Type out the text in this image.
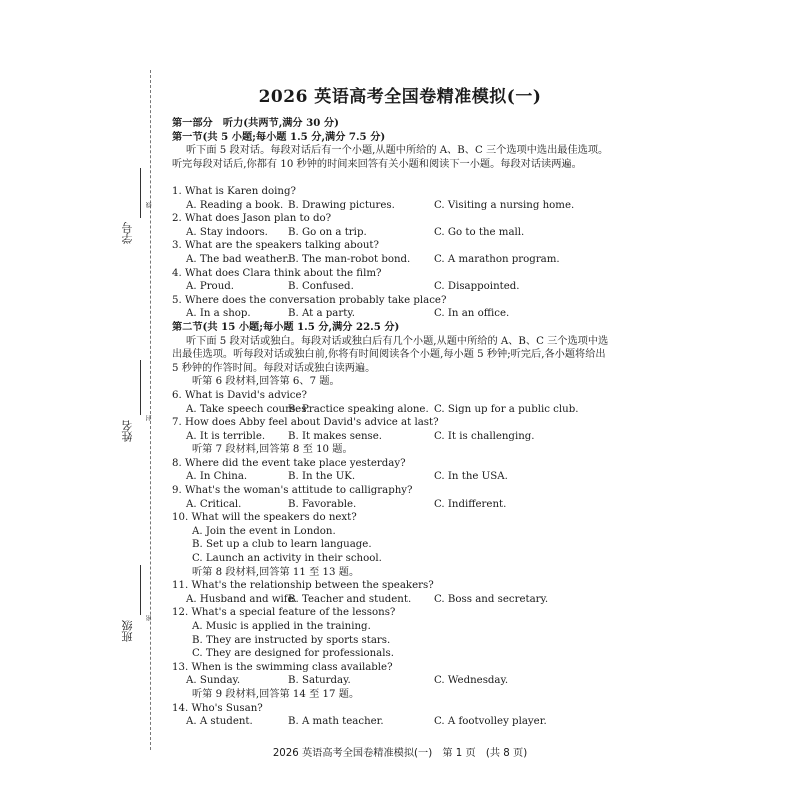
学号
线
姓名
封
班级
密
2026 英语高考全国卷精准模拟(一)
第一部分　听力(共两节,满分 30 分)
第一节(共 5 小题;每小题 1.5 分,满分 7.5 分)
听下面 5 段对话。每段对话后有一个小题,从题中所给的 A、B、C 三个选项中选出最佳选项。听完每段对话后,你都有 10 秒钟的时间来回答有关小题和阅读下一小题。每段对话读两遍。
1. What is Karen doing?
A. Reading a book. B. Drawing pictures.	C. Visiting a nursing home.
2. What does Jason plan to do?
A. Stay indoors.	B. Go on a trip.	C. Go to the mall.
3. What are the speakers talking about?
A. The bad weather.
B. The man-robot bond.	C. A marathon program.
4. What does Clara think about the film?
A. Proud.	B. Confused.	C. Disappointed.
5. Where does the conversation probably take place?
A. In a shop.	B. At a party.	C. In an office.
第二节(共 15 小题;每小题 1.5 分,满分 22.5 分)
听下面 5 段对话或独白。每段对话或独白后有几个小题,从题中所给的 A、B、C 三个选项中选出最佳选项。听每段对话或独白前,你将有时间阅读各个小题,每小题 5 秒钟;听完后,各小题将给出 5 秒钟的作答时间。每段对话或独白读两遍。
听第 6 段材料,回答第 6、7 题。
6. What is David's advice?
A. Take speech courses.
B. Practice speaking alone. C. Sign up for a public club.
7. How does Abby feel about David's advice at last?
A. It is terrible.	B. It makes sense.	C. It is challenging.
听第 7 段材料,回答第 8 至 10 题。
8. Where did the event take place yesterday?
A. In China.	B. In the UK.	C. In the USA.
9. What's the woman's attitude to calligraphy?
A. Critical.	B. Favorable.	C. Indifferent.
10. What will the speakers do next?
A. Join the event in London.
B. Set up a club to learn language.
C. Launch an activity in their school.
听第 8 段材料,回答第 11 至 13 题。
11. What's the relationship between the speakers?
A. Husband and wife.
B. Teacher and student.	C. Boss and secretary.
12. What's a special feature of the lessons?
A. Music is applied in the training.
B. They are instructed by sports stars.
C. They are designed for professionals.
13. When is the swimming class available?
A. Sunday.	B. Saturday.	C. Wednesday.
听第 9 段材料,回答第 14 至 17 题。
14. Who's Susan?
A. A student.	B. A math teacher.	C. A footvolley player.
2026 英语高考全国卷精准模拟(一)　第 1 页　(共 8 页)
